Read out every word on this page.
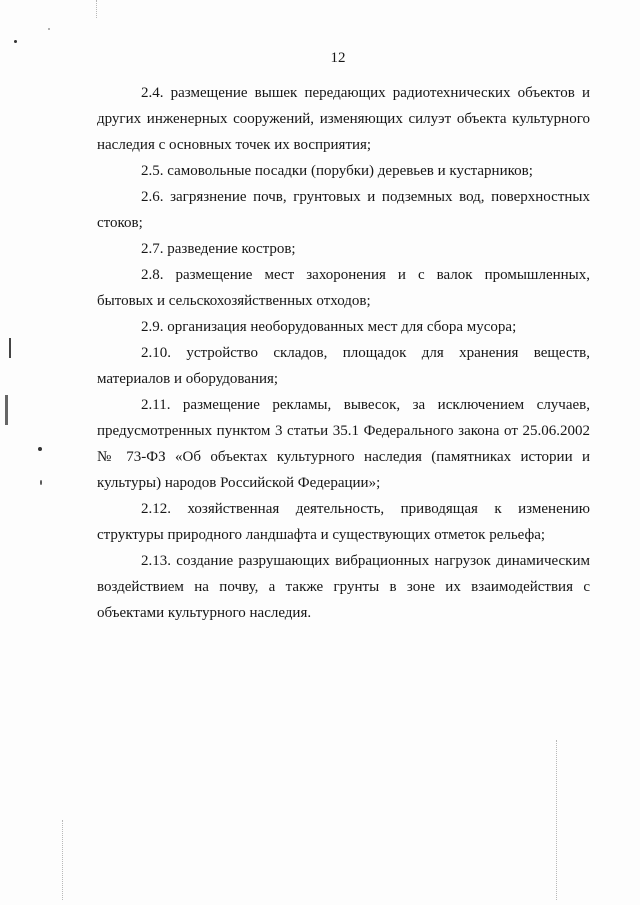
12

2.4. размещение вышек передающих радиотехнических объектов и других инженерных сооружений, изменяющих силуэт объекта культурного наследия с основных точек их восприятия;

2.5. самовольные посадки (порубки) деревьев и кустарников;

2.6. загрязнение почв, грунтовых и подземных вод, поверхностных стоков;

2.7. разведение костров;

2.8. размещение мест захоронения и с валок промышленных, бытовых и сельскохозяйственных отходов;

2.9. организация необорудованных мест для сбора мусора;

2.10. устройство складов, площадок для хранения веществ, материалов и оборудования;

2.11. размещение рекламы, вывесок, за исключением случаев, предусмотренных пунктом 3 статьи 35.1 Федерального закона от 25.06.2002 № 73-ФЗ «Об объектах культурного наследия (памятниках истории и культуры) народов Российской Федерации»;

2.12. хозяйственная деятельность, приводящая к изменению структуры природного ландшафта и существующих отметок рельефа;

2.13. создание разрушающих вибрационных нагрузок динамическим воздействием на почву, а также грунты в зоне их взаимодействия с объектами культурного наследия.
